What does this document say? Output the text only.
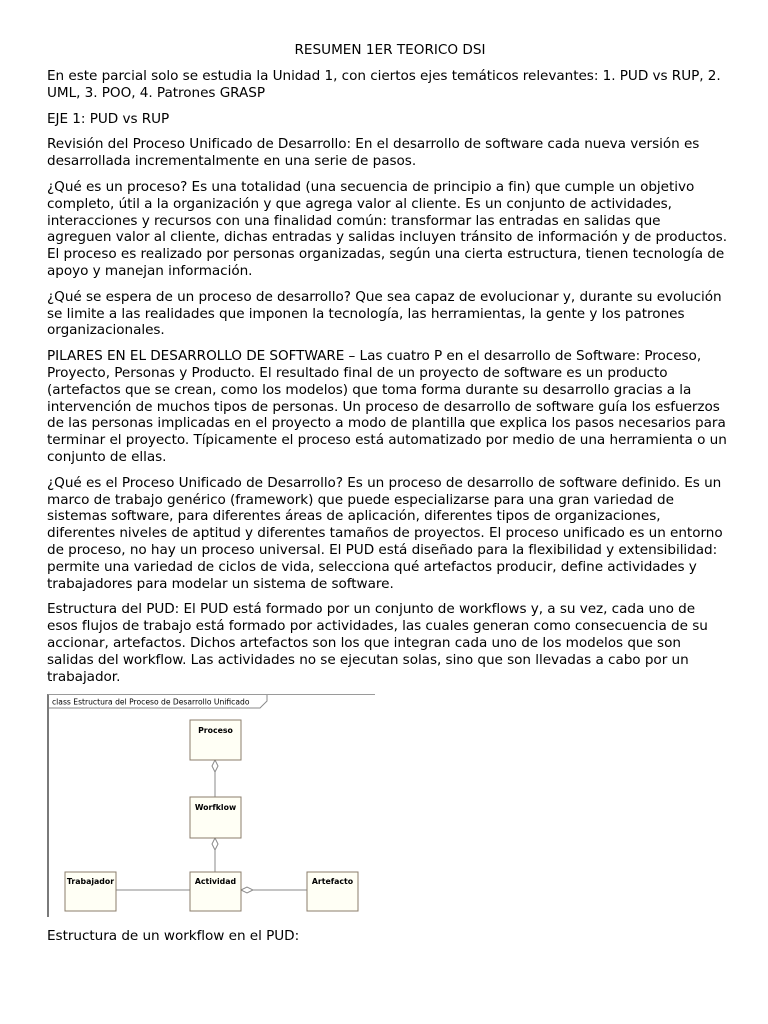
RESUMEN 1ER TEORICO DSI

En este parcial solo se estudia la Unidad 1, con ciertos ejes temáticos relevantes: 1. PUD vs RUP, 2. UML, 3. POO, 4. Patrones GRASP

EJE 1: PUD vs RUP

Revisión del Proceso Unificado de Desarrollo: En el desarrollo de software cada nueva versión es desarrollada incrementalmente en una serie de pasos.

¿Qué es un proceso? Es una totalidad (una secuencia de principio a fin) que cumple un objetivo completo, útil a la organización y que agrega valor al cliente. Es un conjunto de actividades, interacciones y recursos con una finalidad común: transformar las entradas en salidas que agreguen valor al cliente, dichas entradas y salidas incluyen tránsito de información y de productos. El proceso es realizado por personas organizadas, según una cierta estructura, tienen tecnología de apoyo y manejan información.

¿Qué se espera de un proceso de desarrollo? Que sea capaz de evolucionar y, durante su evolución se limite a las realidades que imponen la tecnología, las herramientas, la gente y los patrones organizacionales.

PILARES EN EL DESARROLLO DE SOFTWARE – Las cuatro P en el desarrollo de Software: Proceso, Proyecto, Personas y Producto. El resultado final de un proyecto de software es un producto (artefactos que se crean, como los modelos) que toma forma durante su desarrollo gracias a la intervención de muchos tipos de personas. Un proceso de desarrollo de software guía los esfuerzos de las personas implicadas en el proyecto a modo de plantilla que explica los pasos necesarios para terminar el proyecto. Típicamente el proceso está automatizado por medio de una herramienta o un conjunto de ellas.

¿Qué es el Proceso Unificado de Desarrollo? Es un proceso de desarrollo de software definido. Es un marco de trabajo genérico (framework) que puede especializarse para una gran variedad de sistemas software, para diferentes áreas de aplicación, diferentes tipos de organizaciones, diferentes niveles de aptitud y diferentes tamaños de proyectos. El proceso unificado es un entorno de proceso, no hay un proceso universal. El PUD está diseñado para la flexibilidad y extensibilidad: permite una variedad de ciclos de vida, selecciona qué artefactos producir, define actividades y trabajadores para modelar un sistema de software.

Estructura del PUD: El PUD está formado por un conjunto de workflows y, a su vez, cada uno de esos flujos de trabajo está formado por actividades, las cuales generan como consecuencia de su accionar, artefactos. Dichos artefactos son los que integran cada uno de los modelos que son salidas del workflow. Las actividades no se ejecutan solas, sino que son llevadas a cabo por un trabajador.

class Estructura del Proceso de Desarrollo Unificado
Proceso
Worfklow
Trabajador	Actividad	Artefacto

Estructura de un workflow en el PUD:
